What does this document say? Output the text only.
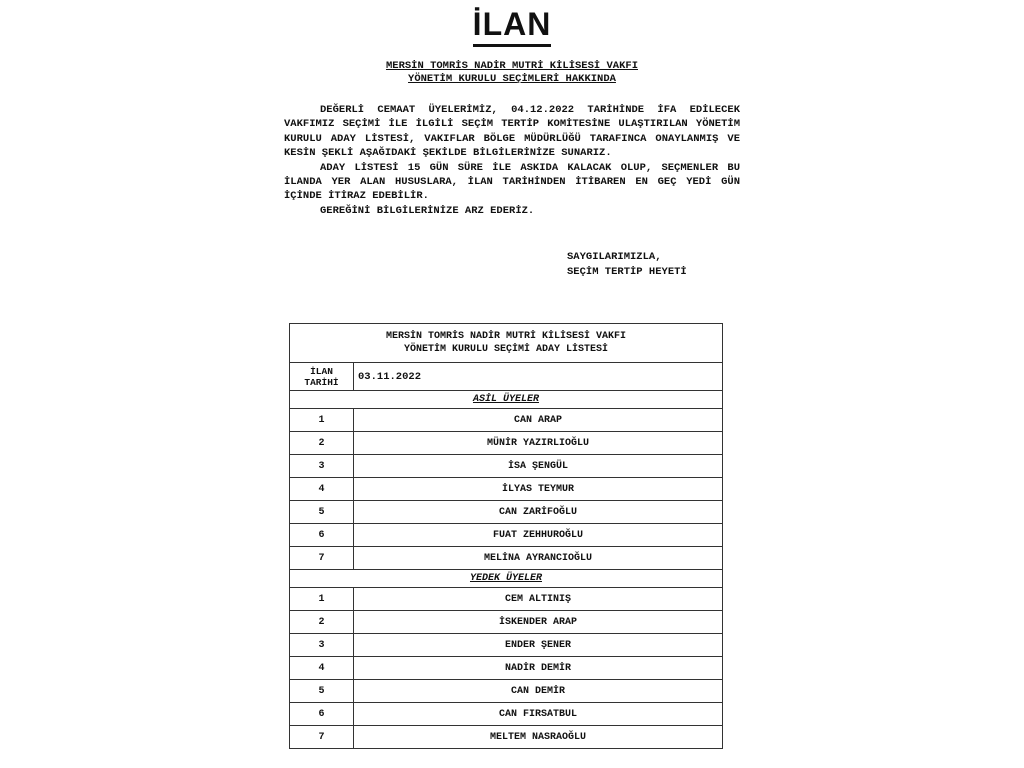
İLAN
MERSİN TOMRİS NADİR MUTRİ KİLİSESİ VAKFI
YÖNETİM KURULU SEÇİMLERİ HAKKINDA

DEĞERLİ CEMAAT ÜYELERİMİZ, 04.12.2022 TARİHİNDE İFA EDİLECEK VAKFIMIZ SEÇİMİ İLE İLGİLİ SEÇİM TERTİP KOMİTESİNE ULAŞTIRILAN YÖNETİM KURULU ADAY LİSTESİ, VAKIFLAR BÖLGE MÜDÜRLÜĞÜ TARAFINCA ONAYLANMIŞ VE KESİN ŞEKLİ AŞAĞIDAKİ ŞEKİLDE BİLGİLERİNİZE SUNARIZ.

ADAY LİSTESİ 15 GÜN SÜRE İLE ASKIDA KALACAK OLUP, SEÇMENLER BU İLANDA YER ALAN HUSUSLARA, İLAN TARİHİNDEN İTİBAREN EN GEÇ YEDİ GÜN İÇİNDE İTİRAZ EDEBİLİR.

GEREĞİNİ BİLGİLERİNİZE ARZ EDERİZ.

SAYGILARIMIZLA,
SEÇİM TERTİP HEYETİ
MERSİN TOMRİS NADİR MUTRİ KİLİSESİ VAKFI
YÖNETİM KURULU SEÇİMİ ADAY LİSTESİ	

İLAN
TARİHİ	03.11.2022
ASİL ÜYELER	
1	CAN ARAP
2	MÜNİR YAZIRLIOĞLU
3	İSA ŞENGÜL
4	İLYAS TEYMUR
5	CAN ZARİFOĞLU
6	FUAT ZEHHUROĞLU
7	MELİNA AYRANCIOĞLU
YEDEK ÜYELER	
1	CEM ALTINIŞ
2	İSKENDER ARAP
3	ENDER ŞENER
4	NADİR DEMİR
5	CAN DEMİR
6	CAN FIRSATBUL
7	MELTEM NASRAOĞLU
